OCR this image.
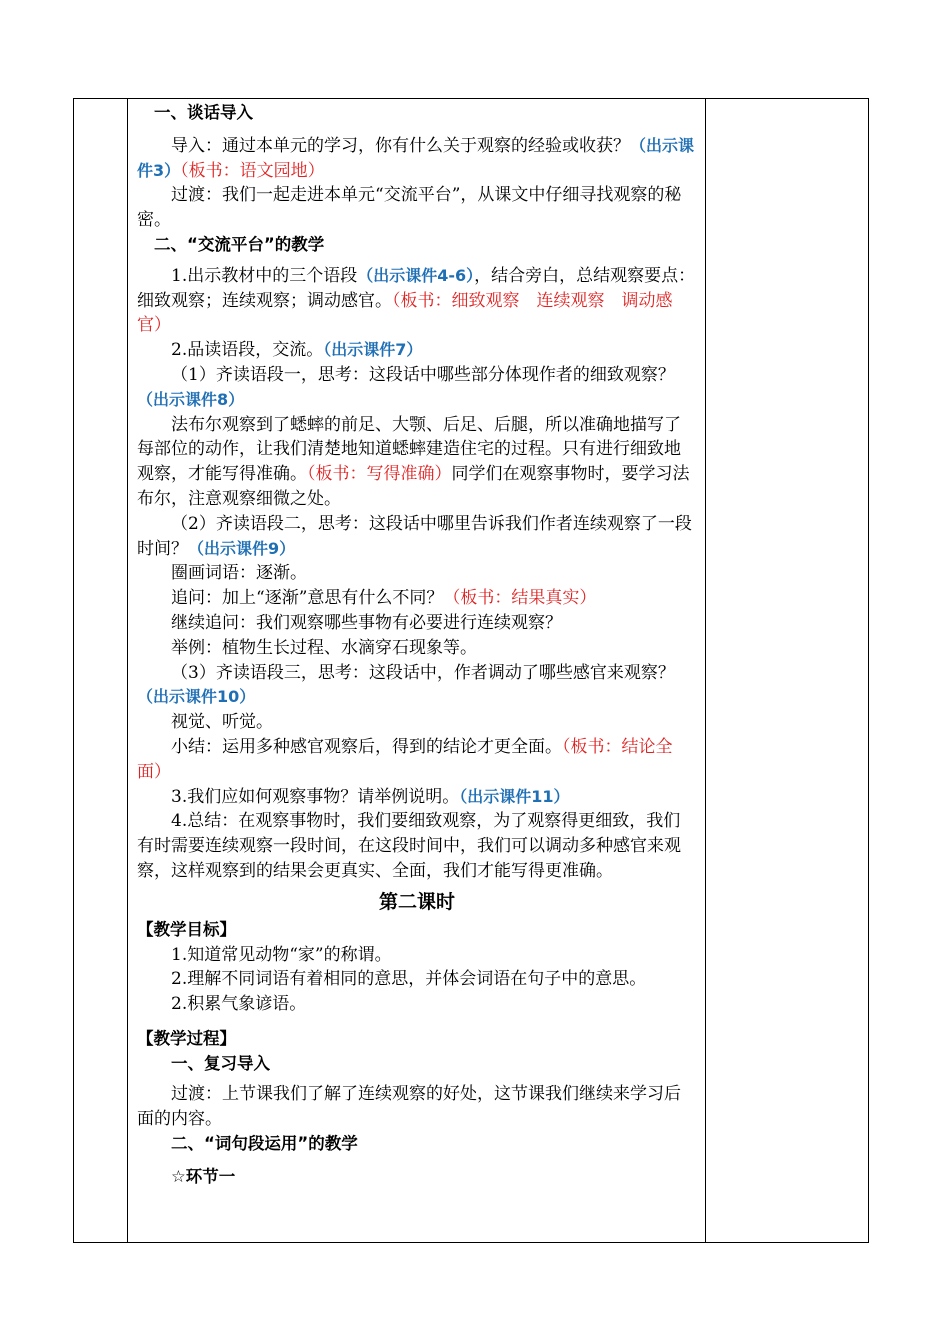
一、谈话导入

导入：通过本单元的学习，你有什么关于观察的经验或收获？（出示课件3）（板书：语文园地）

过渡：我们一起走进本单元“交流平台”，从课文中仔细寻找观察的秘密。

二、“交流平台”的教学

1.出示教材中的三个语段（出示课件4-6），结合旁白，总结观察要点：细致观察；连续观察；调动感官。（板书：细致观察　连续观察　调动感官）

2.品读语段，交流。（出示课件7）

（1）齐读语段一，思考：这段话中哪些部分体现作者的细致观察？（出示课件8）

法布尔观察到了蟋蟀的前足、大颚、后足、后腿，所以准确地描写了每部位的动作，让我们清楚地知道蟋蟀建造住宅的过程。只有进行细致地观察，才能写得准确。（板书：写得准确）同学们在观察事物时，要学习法布尔，注意观察细微之处。

（2）齐读语段二，思考：这段话中哪里告诉我们作者连续观察了一段时间？（出示课件9）

圈画词语：逐渐。

追问：加上“逐渐”意思有什么不同？（板书：结果真实）

继续追问：我们观察哪些事物有必要进行连续观察？

举例：植物生长过程、水滴穿石现象等。

（3）齐读语段三，思考：这段话中，作者调动了哪些感官来观察？（出示课件10）

视觉、听觉。

小结：运用多种感官观察后，得到的结论才更全面。（板书：结论全面）

3.我们应如何观察事物？请举例说明。（出示课件11）

4.总结：在观察事物时，我们要细致观察，为了观察得更细致，我们有时需要连续观察一段时间，在这段时间中，我们可以调动多种感官来观察，这样观察到的结果会更真实、全面，我们才能写得更准确。

第二课时

【教学目标】

1.知道常见动物“家”的称谓。

2.理解不同词语有着相同的意思，并体会词语在句子中的意思。

2.积累气象谚语。

【教学过程】

一、复习导入

过渡：上节课我们了解了连续观察的好处，这节课我们继续来学习后面的内容。

二、“词句段运用”的教学

☆环节一
